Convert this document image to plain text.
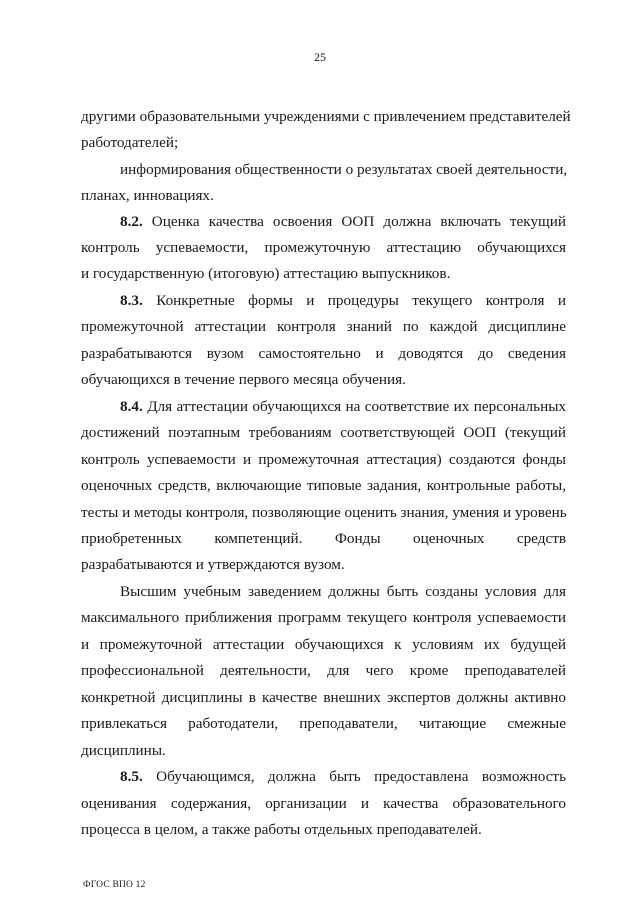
25
другими образовательными учреждениями с привлечением представителей
работодателей;
информирования общественности о результатах своей деятельности,
планах, инновациях.
8.2. Оценка качества освоения ООП должна включать текущий
контроль успеваемости, промежуточную аттестацию обучающихся
и государственную (итоговую) аттестацию выпускников.
8.3. Конкретные формы и процедуры текущего контроля и
промежуточной аттестации контроля знаний по каждой дисциплине
разрабатываются вузом самостоятельно и доводятся до сведения
обучающихся в течение первого месяца обучения.
8.4. Для аттестации обучающихся на соответствие их персональных
достижений поэтапным требованиям соответствующей ООП (текущий
контроль успеваемости и промежуточная аттестация) создаются фонды
оценочных средств, включающие типовые задания, контрольные работы,
тесты и методы контроля, позволяющие оценить знания, умения и уровень
приобретенных компетенций. Фонды оценочных средств
разрабатываются и утверждаются вузом.
Высшим учебным заведением должны быть созданы условия для
максимального приближения программ текущего контроля успеваемости
и промежуточной аттестации обучающихся к условиям их будущей
профессиональной деятельности, для чего кроме преподавателей
конкретной дисциплины в качестве внешних экспертов должны активно
привлекаться работодатели, преподаватели, читающие смежные
дисциплины.
8.5. Обучающимся, должна быть предоставлена возможность
оценивания содержания, организации и качества образовательного
процесса в целом, а также работы отдельных преподавателей.
ФГОС ВПО 12
